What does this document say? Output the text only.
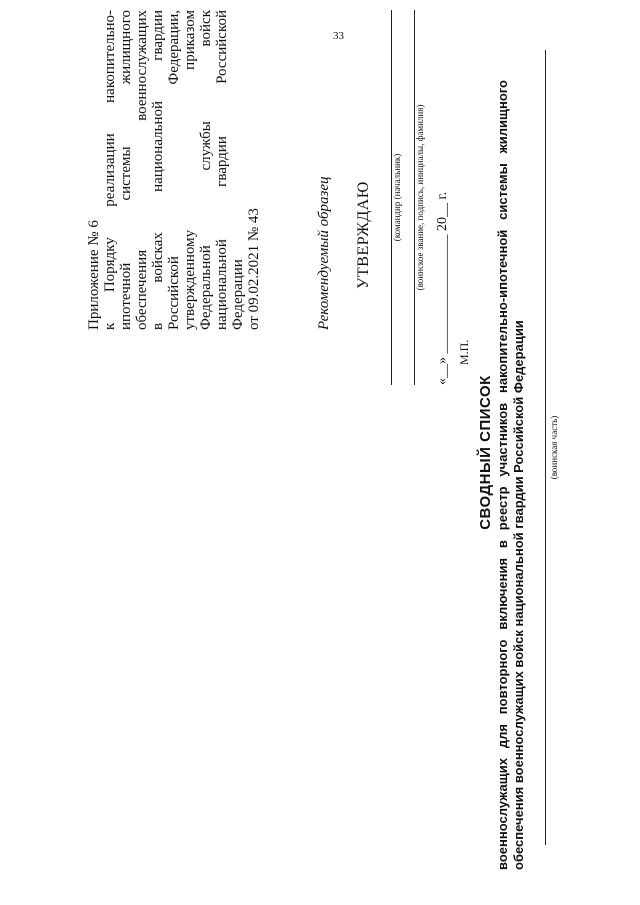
33
Приложение № 6 к Порядку реализации накопительно- ипотечной системы жилищного обеспечения военнослужащих в войсках национальной гвардии Российской Федерации, утвержденному приказом Федеральной службы войск национальной гвардии Российской Федерации от 09.02.2021 № 43	Рекомендуемый образец УТВЕРЖДАЮ (командир (начальник) (воинское звание, подпись, инициалы, фамилия) «__» _________________ 20__ г. М.П.
СВОДНЫЙ СПИСОК военнослужащих для повторного включения в реестр участников накопительно-ипотечной системы жилищного обеспечения военнослужащих войск национальной гвардии Российской Федерации	(воинская часть)
